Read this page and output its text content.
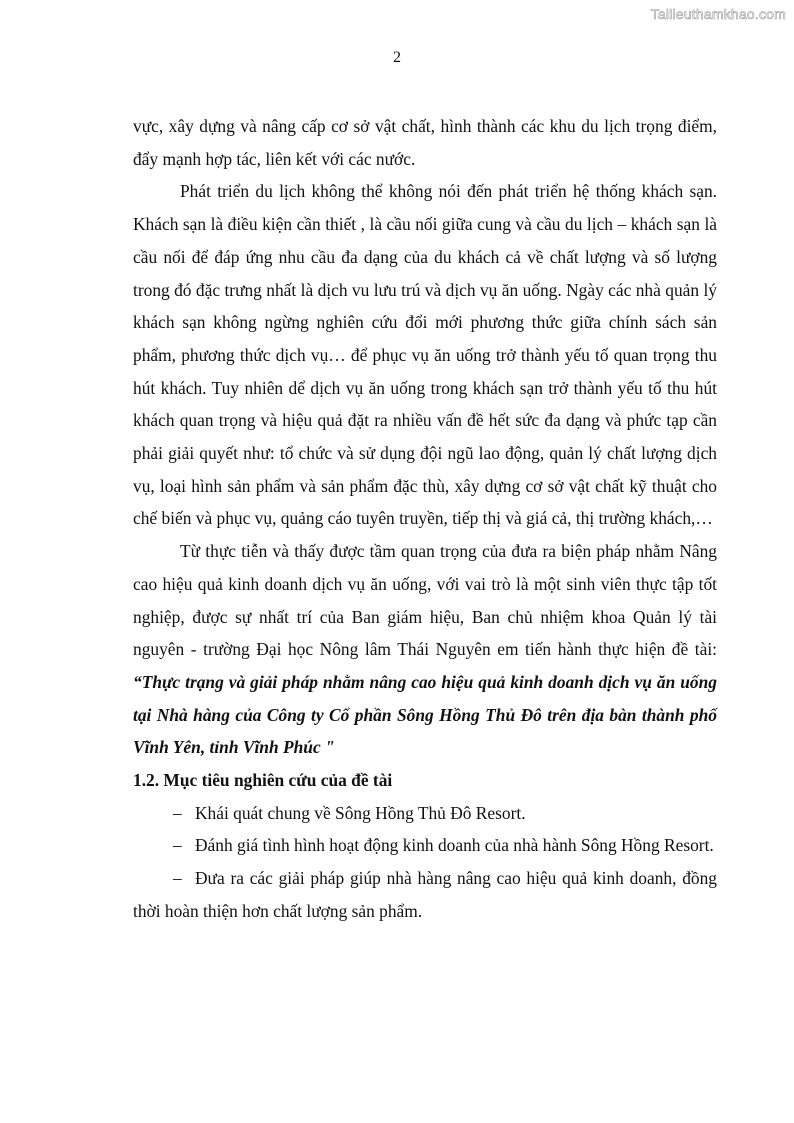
Tailieuthamkhao.com
2

vực, xây dựng và nâng cấp cơ sở vật chất, hình thành các khu du lịch trọng điểm, đẩy mạnh hợp tác, liên kết với các nước.

Phát triển du lịch không thể không nói đến phát triển hệ thống khách sạn. Khách sạn là điều kiện cần thiết , là cầu nối giữa cung và cầu du lịch – khách sạn là cầu nối để đáp ứng nhu cầu đa dạng của du khách cả về chất lượng và số lượng trong đó đặc trưng nhất là dịch vu lưu trú và dịch vụ ăn uống. Ngày các nhà quản lý khách sạn không ngừng nghiên cứu đổi mới phương thức giữa chính sách sản phẩm, phương thức dịch vụ… để phục vụ ăn uống trở thành yếu tố quan trọng thu hút khách. Tuy nhiên dể dịch vụ ăn uống trong khách sạn trở thành yếu tố thu hút khách quan trọng và hiệu quả đặt ra nhiều vấn đề hết sức đa dạng và phức tạp cần phải giải quyết như: tổ chức và sử dụng đội ngũ lao động, quản lý chất lượng dịch vụ, loại hình sản phẩm và sản phẩm đặc thù, xây dựng cơ sở vật chất kỹ thuật cho chế biến và phục vụ, quảng cáo tuyên truyền, tiếp thị và giá cả, thị trường khách,…

Từ thực tiễn và thấy được tầm quan trọng của đưa ra biện pháp nhằm Nâng cao hiệu quả kinh doanh dịch vụ ăn uống, với vai trò là một sinh viên thực tập tốt nghiệp, được sự nhất trí của Ban giám hiệu, Ban chủ nhiệm khoa Quản lý tài nguyên - trường Đại học Nông lâm Thái Nguyên em tiến hành thực hiện đề tài: “Thực trạng và giải pháp nhằm nâng cao hiệu quả kinh doanh dịch vụ ăn uống tại Nhà hàng của Công ty Cổ phần Sông Hồng Thủ Đô trên địa bàn thành phố Vĩnh Yên, tỉnh Vĩnh Phúc "

1.2. Mục tiêu nghiên cứu của đề tài

– Khái quát chung về Sông Hồng Thủ Đô Resort.

– Đánh giá tình hình hoạt động kinh doanh của nhà hành Sông Hồng Resort.

– Đưa ra các giải pháp giúp nhà hàng nâng cao hiệu quả kinh doanh, đồng thời hoàn thiện hơn chất lượng sản phẩm.
